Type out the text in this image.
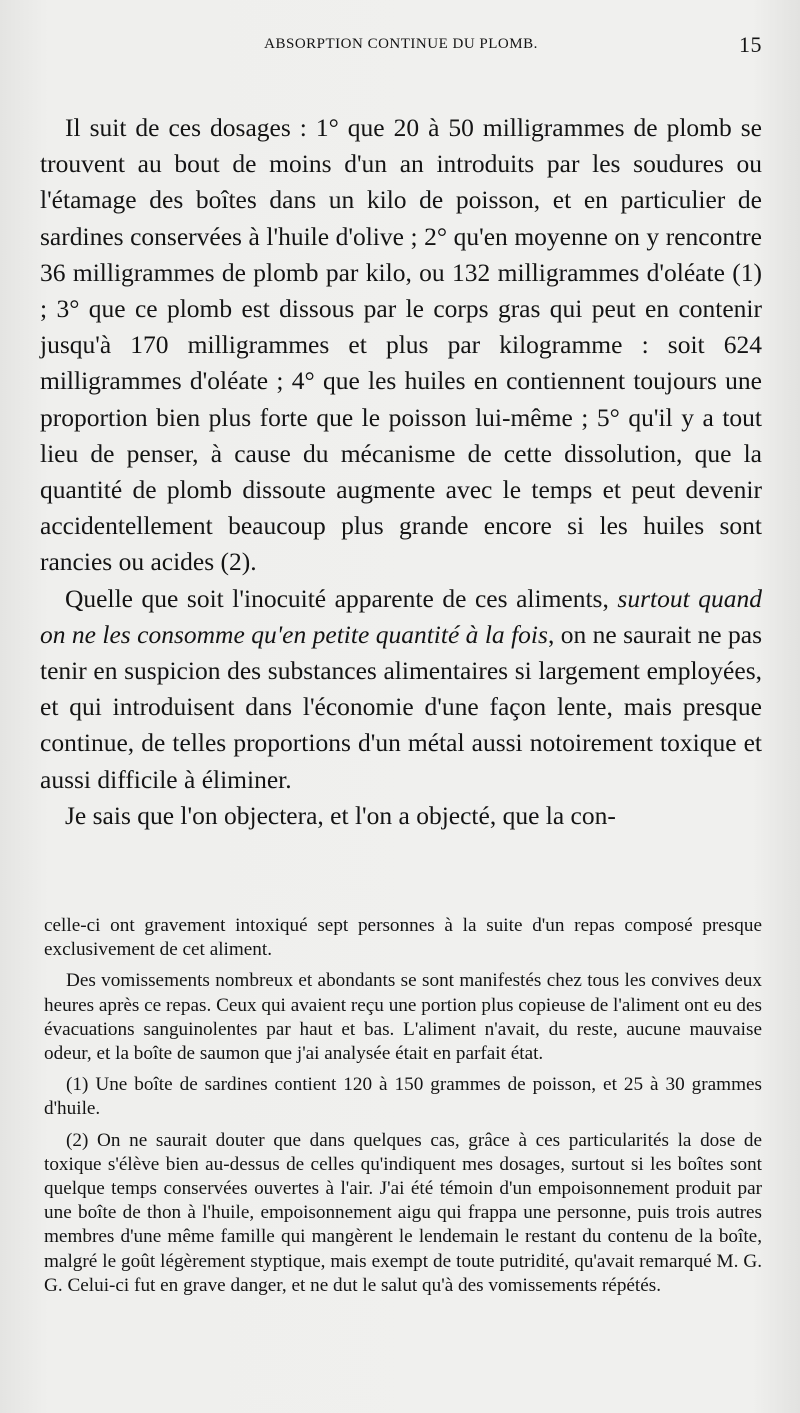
ABSORPTION CONTINUE DU PLOMB.	15

Il suit de ces dosages : 1° que 20 à 50 milligrammes de plomb se trouvent au bout de moins d'un an introduits par les soudures ou l'étamage des boîtes dans un kilo de poisson, et en particulier de sardines conservées à l'huile d'olive ; 2° qu'en moyenne on y rencontre 36 milligrammes de plomb par kilo, ou 132 milligrammes d'oléate (1) ; 3° que ce plomb est dissous par le corps gras qui peut en contenir jusqu'à 170 milligrammes et plus par kilogramme : soit 624 milligrammes d'oléate ; 4° que les huiles en contiennent toujours une proportion bien plus forte que le poisson lui-même ; 5° qu'il y a tout lieu de penser, à cause du mécanisme de cette dissolution, que la quantité de plomb dissoute augmente avec le temps et peut devenir accidentellement beaucoup plus grande encore si les huiles sont rancies ou acides (2).

Quelle que soit l'inocuité apparente de ces aliments, surtout quand on ne les consomme qu'en petite quantité à la fois, on ne saurait ne pas tenir en suspicion des substances alimentaires si largement employées, et qui introduisent dans l'économie d'une façon lente, mais presque continue, de telles proportions d'un métal aussi notoirement toxique et aussi difficile à éliminer.

Je sais que l'on objectera, et l'on a objecté, que la con-

celle-ci ont gravement intoxiqué sept personnes à la suite d'un repas composé presque exclusivement de cet aliment.

Des vomissements nombreux et abondants se sont manifestés chez tous les convives deux heures après ce repas. Ceux qui avaient reçu une portion plus copieuse de l'aliment ont eu des évacuations sanguinolentes par haut et bas. L'aliment n'avait, du reste, aucune mauvaise odeur, et la boîte de saumon que j'ai analysée était en parfait état.

(1) Une boîte de sardines contient 120 à 150 grammes de poisson, et 25 à 30 grammes d'huile.

(2) On ne saurait douter que dans quelques cas, grâce à ces particularités la dose de toxique s'élève bien au-dessus de celles qu'indiquent mes dosages, surtout si les boîtes sont quelque temps conservées ouvertes à l'air. J'ai été témoin d'un empoisonnement produit par une boîte de thon à l'huile, empoisonnement aigu qui frappa une personne, puis trois autres membres d'une même famille qui mangèrent le lendemain le restant du contenu de la boîte, malgré le goût légèrement styptique, mais exempt de toute putridité, qu'avait remarqué M. G. G. Celui-ci fut en grave danger, et ne dut le salut qu'à des vomissements répétés.
